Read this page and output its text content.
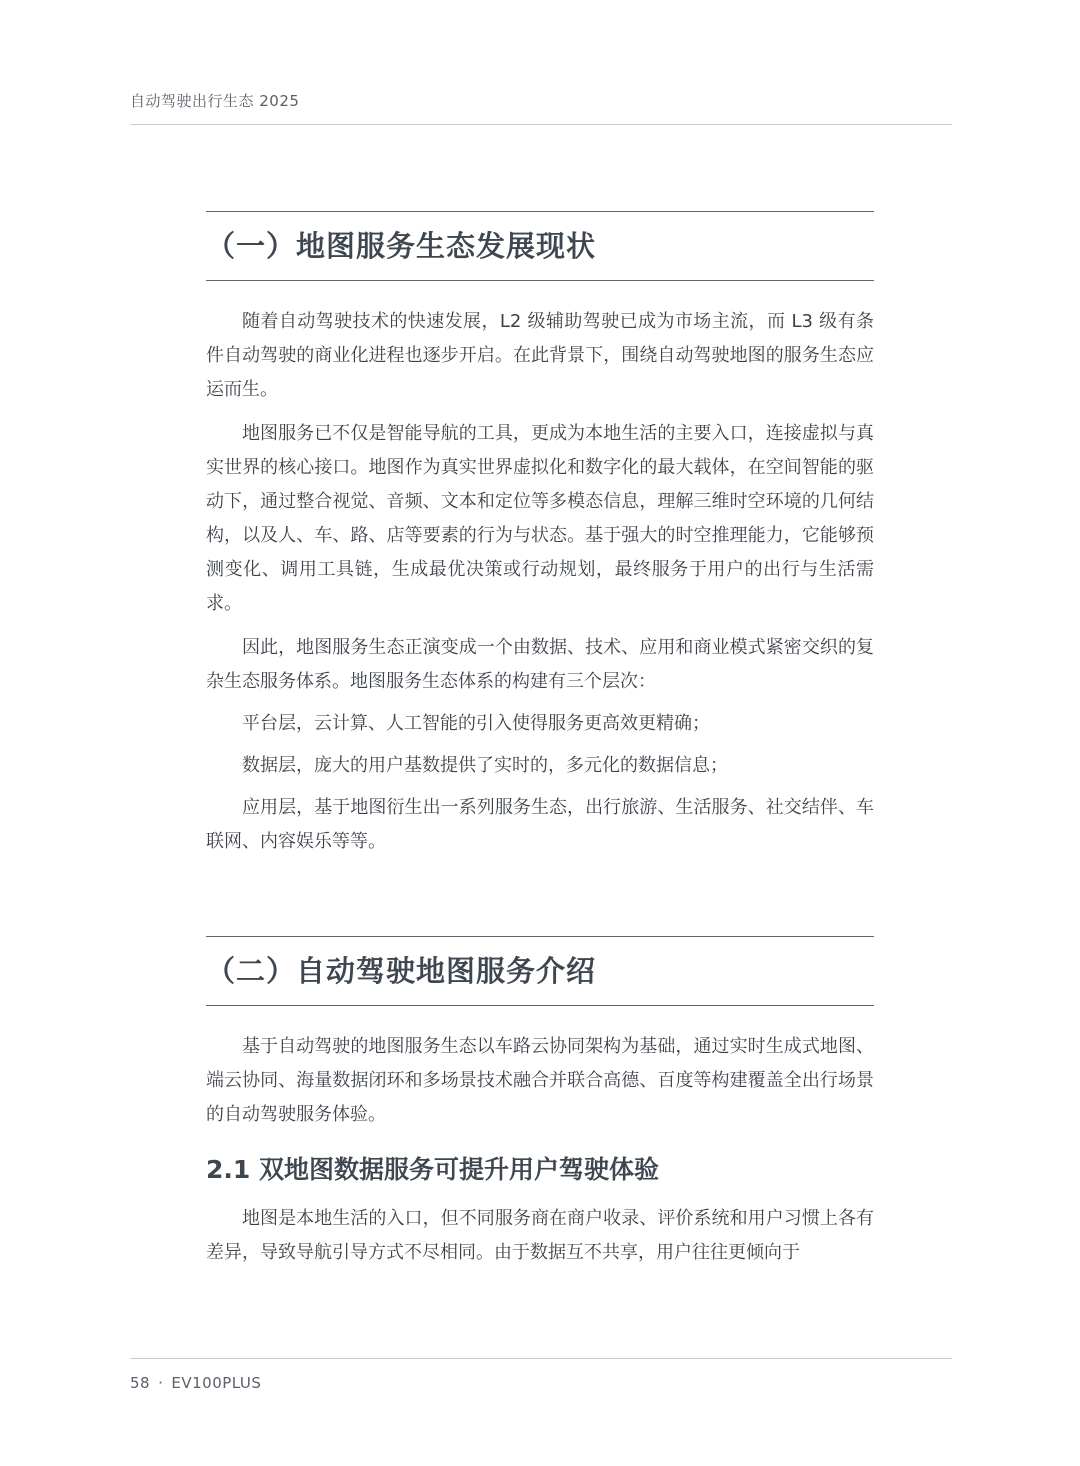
自动驾驶出行生态 2025
（一）地图服务生态发展现状

随着自动驾驶技术的快速发展，L2 级辅助驾驶已成为市场主流，而 L3 级有条件自动驾驶的商业化进程也逐步开启。在此背景下，围绕自动驾驶地图的服务生态应运而生。

地图服务已不仅是智能导航的工具，更成为本地生活的主要入口，连接虚拟与真实世界的核心接口。地图作为真实世界虚拟化和数字化的最大载体，在空间智能的驱动下，通过整合视觉、音频、文本和定位等多模态信息，理解三维时空环境的几何结构，以及人、车、路、店等要素的行为与状态。基于强大的时空推理能力，它能够预测变化、调用工具链，生成最优决策或行动规划，最终服务于用户的出行与生活需求。

因此，地图服务生态正演变成一个由数据、技术、应用和商业模式紧密交织的复杂生态服务体系。地图服务生态体系的构建有三个层次：

平台层，云计算、人工智能的引入使得服务更高效更精确；

数据层，庞大的用户基数提供了实时的，多元化的数据信息；

应用层，基于地图衍生出一系列服务生态，出行旅游、生活服务、社交结伴、车联网、内容娱乐等等。

（二）自动驾驶地图服务介绍

基于自动驾驶的地图服务生态以车路云协同架构为基础，通过实时生成式地图、端云协同、海量数据闭环和多场景技术融合并联合高德、百度等构建覆盖全出行场景的自动驾驶服务体验。

2.1 双地图数据服务可提升用户驾驶体验

地图是本地生活的入口，但不同服务商在商户收录、评价系统和用户习惯上各有差异，导致导航引导方式不尽相同。由于数据互不共享，用户往往更倾向于

58 · EV100PLUS
